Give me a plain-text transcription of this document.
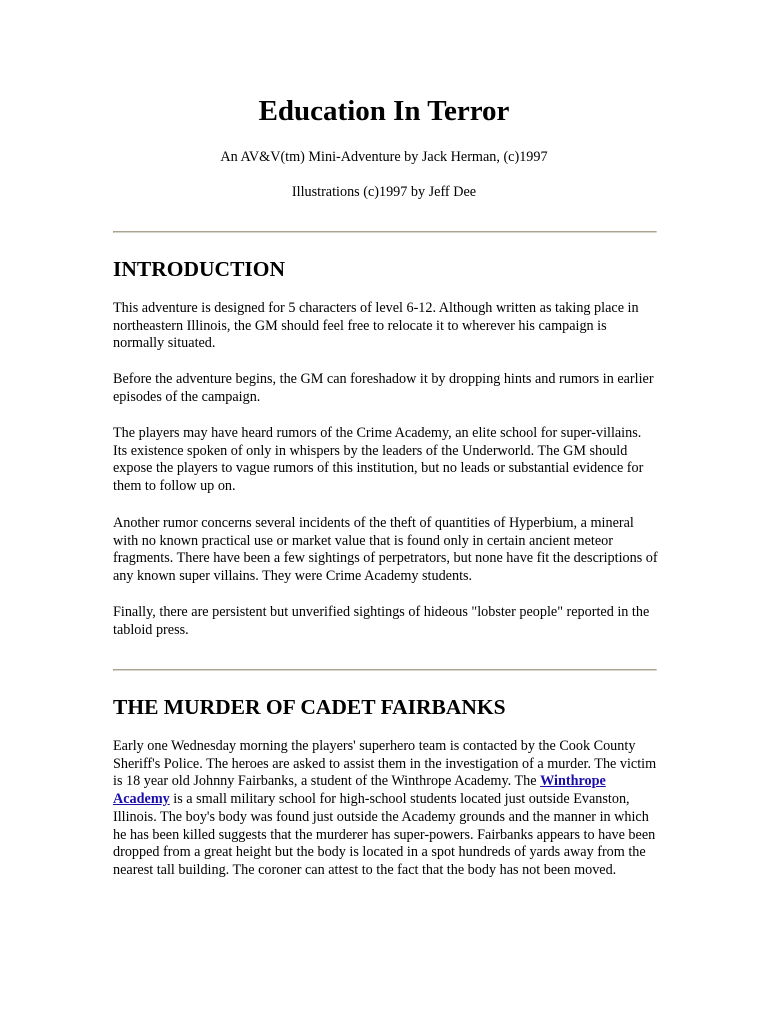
Education In Terror

An AV&V(tm) Mini-Adventure by Jack Herman, (c)1997

Illustrations (c)1997 by Jeff Dee

INTRODUCTION

This adventure is designed for 5 characters of level 6-12. Although written as taking place in northeastern Illinois, the GM should feel free to relocate it to wherever his campaign is normally situated.

Before the adventure begins, the GM can foreshadow it by dropping hints and rumors in earlier episodes of the campaign.

The players may have heard rumors of the Crime Academy, an elite school for super-villains. Its existence spoken of only in whispers by the leaders of the Underworld. The GM should expose the players to vague rumors of this institution, but no leads or substantial evidence for them to follow up on.

Another rumor concerns several incidents of the theft of quantities of Hyperbium, a mineral with no known practical use or market value that is found only in certain ancient meteor fragments. There have been a few sightings of perpetrators, but none have fit the descriptions of any known super villains. They were Crime Academy students.

Finally, there are persistent but unverified sightings of hideous "lobster people" reported in the tabloid press.

THE MURDER OF CADET FAIRBANKS

Early one Wednesday morning the players' superhero team is contacted by the Cook County Sheriff's Police. The heroes are asked to assist them in the investigation of a murder. The victim is 18 year old Johnny Fairbanks, a student of the Winthrope Academy. The Winthrope Academy is a small military school for high-school students located just outside Evanston, Illinois. The boy's body was found just outside the Academy grounds and the manner in which he has been killed suggests that the murderer has super-powers. Fairbanks appears to have been dropped from a great height but the body is located in a spot hundreds of yards away from the nearest tall building. The coroner can attest to the fact that the body has not been moved.
